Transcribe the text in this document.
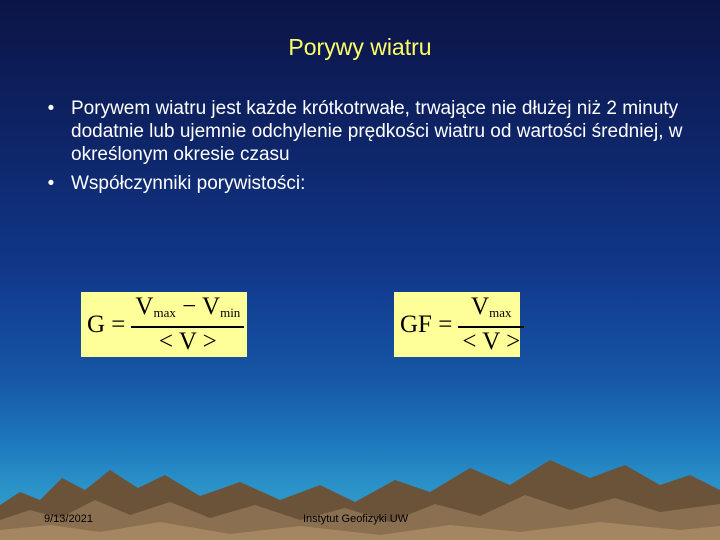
Porywy wiatru
• Porywem wiatru jest każde krótkotrwałe, trwające nie dłużej niż 2 minuty dodatnie lub ujemnie odchylenie prędkości wiatru od wartości średniej, w określonym okresie czasu
• Współczynniki porywistości:
$G = \frac{V_{max} - V_{min}}{< V >}$	GF = $\frac{V_{max}}{< V >}$
9/13/2021	Instytut Geofizyki UW
